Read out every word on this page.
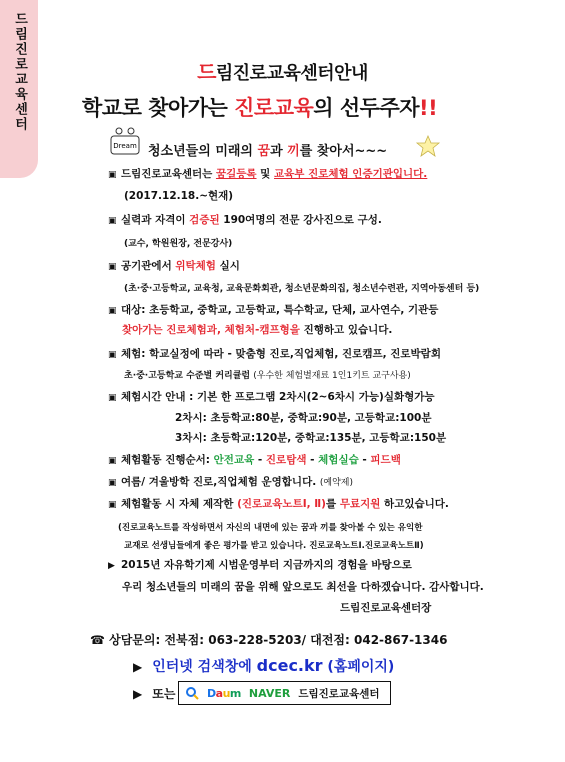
드림진로교육센터	드림진로교육센터안내
학교로 찾아가는 진로교육의 선두주자!!
Dream 청소년들의 미래의 꿈과 끼를 찾아서~~~
▣ 드림진로교육센터는 꿈길등록 및 교육부 진로체험 인증기관입니다.
(2017.12.18.~현재)
▣ 실력과 자격이 검증된 190여명의 전문 강사진으로 구성.
(교수, 학원원장, 전문강사)
▣ 공기관에서 위탁체험 실시
(초·중·고등학교, 교육청, 교육문화회관, 청소년문화의집, 청소년수련관, 지역아동센터 등)
▣ 대상: 초등학교, 중학교, 고등학교, 특수학교, 단체, 교사연수, 기관등
찾아가는 진로체험과, 체험처-캠프형을 진행하고 있습니다.
▣ 체험: 학교실정에 따라 - 맞춤형 진로,직업체험, 진로캠프, 진로박람회
초·중·고등학교 수준별 커리큘럼 (우수한 체험별재료 1인1키트 교구사용)
▣ 체험시간 안내 : 기본 한 프로그램 2차시(2~6차시 가능)실화형가능
2차시: 초등학교:80분, 중학교:90분, 고등학교:100분
3차시: 초등학교:120분, 중학교:135분, 고등학교:150분
▣ 체험활동 진행순서: 안전교육 - 진로탐색 - 체험실습 - 피드백
▣ 여름/ 겨울방학 진로,직업체험 운영합니다. (예약제)
▣ 체험활동 시 자체 제작한 (진로교육노트Ⅰ, Ⅱ)를 무료지원 하고있습니다.
(진로교육노트를 작성하면서 자신의 내면에 있는 꿈과 끼를 찾아볼 수 있는 유익한
교재로 선생님들에게 좋은 평가를 받고 있습니다. 진로교육노트Ⅰ.진로교육노트Ⅱ)
▶ 2015년 자유학기제 시범운영부터 지금까지의 경험을 바탕으로
우리 청소년들의 미래의 꿈을 위해 앞으로도 최선을 다하겠습니다. 감사합니다.
드림진로교육센터장
☎ 상담문의: 전북점: 063-228-5203/ 대전점: 042-867-1346
▶ 인터넷 검색창에 dcec.kr (홈페이지)
▶ 또는	Daum NAVER 드림진로교육센터
